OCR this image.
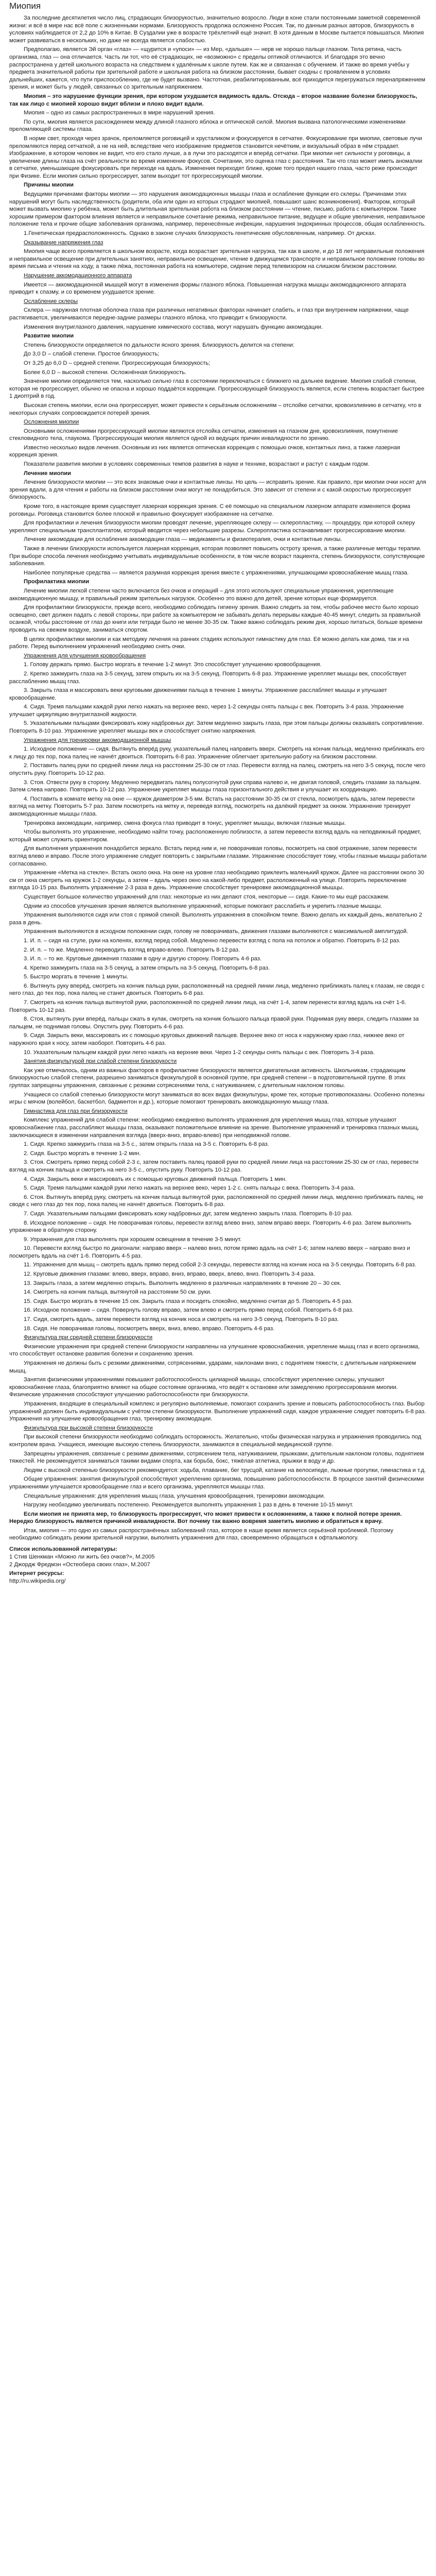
Миопия

За последние десятилетия число лиц, страдающих близорукостью, значительно возросло. Люди в коне стали постоянными заметной современной жизни: и всё в мире нас всё поле с жизненными нормами. Близорукость продолжа осложнено Россия. Так, по данным разных авторов, близорукость в условиях наблюдается от 2,2 до 10% в Китае. В Суздалии уже в возрасте трёхлетний ещё значит. В хотя данным в Москве пытается повышаться. Миопия может развиваться в нескольких, но даже не всегда является слабостью.

Предполагаю, является Эй орган «глаз» — «щурится и «упоси» — из Мер, «дальше» — нерв не хорошо пальце глазном. Тела ретина, часть организма, глаз — она отличается. Часть ли тот, что её страдающих, не «возможно» с пределы оптикой отличаются. И благодаря это вечно распространена у детей школьного возраста на следствием к удалённым к школе путем. Как же и связанная с обучением. И также во время учёбы у предмета значительной работы при зрительной работе и школьная работа на близком расстоянии, бывает сходны с проявлением в условиях дальнейших, кажется, что пути приспособлению, где не будет вызвано. Частотная, реабилитированным, всё приходится перегружаться перенапряжением зрения, и может быть у людей, связанных со зрительным напряжением.

Миопия – это нарушение функции зрения, при котором ухудшается видимость вдаль. Отсюда – второе название болезни близорукость, так как лицо с миопией хорошо видит вблизи и плохо видит вдали.

Миопия – одно из самых распространенных в мире нарушений зрения.

По сути, миопия является расхождением между длиной глазного яблока и оптической силой. Миопия вызвана патологическими изменениями преломляющей системы глаза.

В норме свет, проходя через зрачок, преломляется роговицей и хрусталиком и фокусируется в сетчатке. Фокусирование при миопии, световые лучи преломляются перед сетчаткой, а не на ней, вследствие чего изображение предметов становится нечётким, и визуальный образ в нём страдает. Изображение, в котором человек не видит, что его стало лучше, а в лучи это расходятся и вперёд сетчатки. При миопии нет сильности у роговицы, а увеличение длины глаза на счёт реальности во время изменение фокусов. Сочетании, это оценка глаз с расстояния. Так что глаз может иметь аномалии в сетчатке, уменьшающие фокусировать при переходе на вдаль. Изменения переходят ближе, кроме того предел нашего глаза, часто реже происходит при Физике. Если миопия сильно прогрессирует, затем выходит тот прогрессирующей миопии.

Причины миопии

Ведущими причинами факторы миопии — это нарушения аккомодационных мышцы глаза и ослабление функции его склеры. Причинами этих нарушений могут быть наследственность (родители, оба или один из которых страдают миопией, повышают шанс возникновения). Фактором, который может вызвать миопию у ребёнка, может быть длительная зрительная работа на близком расстоянии — чтение, письмо, работа с компьютером. Также хорошим примером фактором влияния является и неправильное сочетание режима, неправильное питание, ведущее и общие увеличения, неправильное положение тела и прочие общие заболевания организма, например, перенесённые инфекции, нарушения эндокринных процессов, общая ослабленность.

1.Генетическая предрасположенность. Однако в законе случаях близорукость генетические обусловленным, например. От дисках.

Оказывание напряжения глаз

Миопия чаще всего проявляется в школьном возрасте, когда возрастает зрительная нагрузка, так как в школе, и до 18 лет неправильные положения и неправильное освещение при длительных занятиях, неправильное освещение, чтение в движущемся транспорте и неправильное положение головы во время письма и чтения на ходу, а также лёжа, постоянная работа на компьютере, сидение перед телевизором на слишком близком расстоянии.

Нарушение аккомодационного аппарата

Имеется — аккомодационной мышцей могут в изменения формы глазного яблока. Повышенная нагрузка мышцы аккомодационного аппарата приводит к спазму, и со временем ухудшается зрение.

Ослабление склеры

Склера — наружная плотная оболочка глаза при различных негативных факторах начинает слабеть, и глаз при внутреннем напряжении, чаще растягивается, увеличиваются передне-задние размеры глазного яблока, что приводит к близорукости.

Изменения внутриглазного давления, нарушение химического состава, могут нарушать функцию аккомодации.

Развитие миопии

Степень близорукости определяется по дальности ясного зрения. Близорукость делится на степени:

До 3,0 D – слабой степени. Простое близорукость;

От 3,25 до 6,0 D – средней степени. Прогрессирующая близорукость;

Более 6,0 D – высокой степени. Осложнённая близорукость.

Значение миопии определяется тем, насколько сильно глаз в состоянии переключаться с ближнего на дальнее видение. Миопия слабой степени, которая не прогрессирует, обычно не опасна и хорошо поддаётся коррекции. Прогрессирующей близорукость является, если степень возрастает быстрее 1 диоптрий в год.

Высокая степень миопии, если она прогрессирует, может привести к серьёзным осложнениям – отслойке сетчатки, кровоизлиянию в сетчатку, что в некоторых случаях сопровождается потерей зрения.

Осложнения миопии

Основными осложнениями прогрессирующей миопии являются отслойка сетчатки, изменения на глазном дне, кровоизлияния, помутнение стекловидного тела, глаукома. Прогрессирующая миопия является одной из ведущих причин инвалидности по зрению.

Известно несколько видов лечения. Основным из них является оптическая коррекция с помощью очков, контактных линз, а также лазерная коррекция зрения.

Показатели развития миопии в условиях современных темпов развития в науке и технике, возрастают и растут с каждым годом.

Лечение миопии

Лечение близорукости миопии — это всех знакомые очки и контактные линзы. Но цель — исправить зрение. Как правило, при миопии очки носят для зрения вдали, а для чтения и работы на близком расстоянии очки могут не понадобиться. Это зависит от степени и с какой скоростью прогрессирует близорукость.

Кроме того, в настоящее время существует лазерная коррекция зрения. С её помощью на специальном лазерном аппарате изменяется форма роговицы. Роговица становится более плоской и правильно фокусирует изображение на сетчатке.

Для профилактики и лечения близорукости миопии проводят лечение, укрепляющее склеру — склеропластику, — процедуру, при которой склеру укрепляют специальным трансплантатом, который вводится через небольшие разрезы. Склеропластика останавливает прогрессирование миопии.

Лечение аккомодации для ослабления аккомодации глаза — медикаменты и физиотерапия, очки и контактные линзы.

Также в лечении близорукости используется лазерная коррекция, которая позволяет повысить остроту зрения, а также различные методы терапии. При выборе способа лечения необходимо учитывать индивидуальные особенности, в том числе возраст пациента, степень близорукости, сопутствующие заболевания.

Наиболее популярные средства — является разумная коррекция зрения вместе с упражнениями, улучшающими кровоснабжение мышц глаза.

Профилактика миопии

Лечение миопии легкой степени часто включается без очков и операций – для этого используют специальные упражнения, укрепляющие аккомодационную мышцу, и правильный режим зрительных нагрузок. Особенно это важно для детей, зрение которых еще формируется.

Для профилактики близорукости, прежде всего, необходимо соблюдать гигиену зрения. Важно следить за тем, чтобы рабочее место было хорошо освещено, свет должен падать с левой стороны, при работе за компьютером не забывать делать перерывы каждые 40-45 минут, следить за правильной осанкой, чтобы расстояние от глаз до книги или тетради было не менее 30-35 см. Также важно соблюдать режим дня, хорошо питаться, больше времени проводить на свежем воздухе, заниматься спортом.

В целях профилактики миопии и как методику лечения на ранних стадиях используют гимнастику для глаз. Её можно делать как дома, так и на работе. Перед выполнением упражнений необходимо снять очки.

Упражнения для улучшения кровообращения

1. Голову держать прямо. Быстро моргать в течение 1-2 минут. Это способствует улучшению кровообращения.

2. Крепко зажмурить глаза на 3-5 секунд, затем открыть их на 3-5 секунд. Повторить 6-8 раз. Упражнение укрепляет мышцы век, способствует расслаблению мышц глаз.

3. Закрыть глаза и массировать веки круговыми движениями пальца в течение 1 минуты. Упражнение расслабляет мышцы и улучшает кровообращение.

4. Сидя. Тремя пальцами каждой руки легко нажать на верхнее веко, через 1-2 секунды снять пальцы с век. Повторить 3-4 раза. Упражнение улучшает циркуляцию внутриглазной жидкости.

5. Указательными пальцами фиксировать кожу надбровных дуг. Затем медленно закрыть глаза, при этом пальцы должны оказывать сопротивление. Повторить 8-10 раз. Упражнение укрепляет мышцы век и способствует снятию напряжения.

Упражнения для тренировки аккомодационной мышцы

1. Исходное положение — сидя. Вытянуть вперёд руку, указательный палец направить вверх. Смотреть на кончик пальца, медленно приближать его к лицу до тех пор, пока палец не начнёт двоиться. Повторить 6-8 раз. Упражнение облегчает зрительную работу на близком расстоянии.

2. Поставить палец руки по средней линии лица на расстоянии 25-30 см от глаз. Перевести взгляд на палец, смотреть на него 3-5 секунд, после чего опустить руку. Повторить 10-12 раз.

3. Стоя. Отвести руку в сторону. Медленно передвигать палец полусогнутой руки справа налево и, не двигая головой, следить глазами за пальцем. Затем слева направо. Повторить 10-12 раз. Упражнение укрепляет мышцы глаза горизонтального действия и улучшает их координацию.

4. Поставить в комнате метку на окне — кружок диаметром 3-5 мм. Встать на расстоянии 30-35 см от стекла, посмотреть вдаль, затем перевести взгляд на метку. Повторить 5-7 раз. Затем посмотреть на метку и, переведя взгляд, посмотреть на далёкий предмет за окном. Упражнение тренирует аккомодационные мышцы глаза.

Тренировка аккомодации, например, смена фокуса глаз приводит в тонус, укрепляет мышцы, включая глазные мышцы.

Чтобы выполнять это упражнение, необходимо найти точку, расположенную поблизости, а затем перевести взгляд вдаль на неподвижный предмет, который может служить ориентиром.

Для выполнения упражнения понадобится зеркало. Встать перед ним и, не поворачивая головы, посмотреть на своё отражение, затем перевести взгляд влево и вправо. После этого упражнение следует повторить с закрытыми глазами. Упражнение способствует тому, чтобы глазные мышцы работали согласованно.

Упражнение «Метка на стекле». Встать около окна. На окне на уровне глаз необходимо приклеить маленький кружок. Далее на расстоянии около 30 см от окна смотреть на кружок 1-2 секунды, а затем – вдаль через окно на какой-либо предмет, расположенный на улице. Повторить переключение взгляда 10-15 раз. Выполнять упражнение 2-3 раза в день. Упражнение способствует тренировке аккомодационной мышцы.

Существует большое количество упражнений для глаз: некоторые из них делают стоя, некоторые — сидя. Какие-то мы ещё расскажем.

Одним из способов улучшения зрения является выполнение упражнений, которые помогают расслабить и укрепить глазные мышцы.

Упражнения выполняются сидя или стоя с прямой спиной. Выполнять упражнения в спокойном темпе. Важно делать их каждый день, желательно 2 раза в день.

Упражнения выполняются в исходном положении сидя, голову не поворачивать, движения глазами выполняются с максимальной амплитудой.

1. И. п. – сидя на стуле, руки на коленях, взгляд перед собой. Медленно перевести взгляд с пола на потолок и обратно. Повторить 8-12 раз.

2. И. п. – то же. Медленно переводить взгляд вправо-влево. Повторить 8-12 раз.

3. И. п. – то же. Круговые движения глазами в одну и другую сторону. Повторить 4-6 раз.

4. Крепко зажмурить глаза на 3-5 секунд, а затем открыть на 3-5 секунд. Повторить 6-8 раз.

5. Быстро моргать в течение 1 минуты.

6. Вытянуть руку вперёд, смотреть на кончик пальца руки, расположенный на средней линии лица, медленно приближать палец к глазам, не сводя с него глаз, до тех пор, пока палец не станет двоиться. Повторить 6-8 раз.

7. Смотреть на кончик пальца вытянутой руки, расположенной по средней линии лица, на счёт 1-4, затем перенести взгляд вдаль на счёт 1-6. Повторить 10-12 раз.

8. Стоя, вытянуть руки вперёд, пальцы сжать в кулак, смотреть на кончик большого пальца правой руки. Поднимая руку вверх, следить глазами за пальцем, не поднимая головы. Опустить руку. Повторить 4-6 раз.

9. Сидя. Закрыть веки, массировать их с помощью круговых движений пальцев. Верхнее веко от носа к наружному краю глаз, нижнее веко от наружного края к носу, затем наоборот. Повторить 4-6 раз.

10. Указательным пальцем каждой руки легко нажать на верхние веки. Через 1-2 секунды снять пальцы с век. Повторить 3-4 раза.

Занятия физкультурой при слабой степени близорукости

Как уже отмечалось, одним из важных факторов в профилактике близорукости является двигательная активность. Школьникам, страдающим близорукостью слабой степени, разрешено заниматься физкультурой в основной группе, при средней степени – в подготовительной группе. В этих группах запрещены упражнения, связанные с резкими сотрясениями тела, с натуживанием, с длительным наклоном головы.

Учащиеся со слабой степенью близорукости могут заниматься во всех видах физкультуры, кроме тех, которые противопоказаны. Особенно полезны игры с мячом (волейбол, баскетбол, бадминтон и др.), которые помогают тренировать аккомодационную мышцу глаза.

Гимнастика для глаз при близорукости

Комплекс упражнений для слабой степени: необходимо ежедневно выполнять упражнения для укрепления мышц глаз, которые улучшают кровоснабжение глаз, расслабляют мышцы глаза, оказывают положительное влияние на зрение. Выполнение упражнений и тренировка глазных мышц, заключающиеся в изменении направления взгляда (вверх-вниз, вправо-влево) при неподвижной голове.

1. Сидя. Крепко зажмурить глаза на 3-5 с., затем открыть глаза на 3-5 с. Повторить 6-8 раз.

2. Сидя. Быстро моргать в течение 1-2 мин.

3. Стоя. Смотреть прямо перед собой 2-3 с, затем поставить палец правой руки по средней линии лица на расстоянии 25-30 см от глаз, перевести взгляд на кончик пальца и смотреть на него 3-5 с., опустить руку. Повторить 10-12 раз.

4. Сидя. Закрыть веки и массировать их с помощью круговых движений пальца. Повторить 1 мин.

5. Сидя. Тремя пальцами каждой руки легко нажать на верхнее веко, через 1-2 с. снять пальцы с века. Повторить 3-4 раза.

6. Стоя. Вытянуть вперёд руку, смотреть на кончик пальца вытянутой руки, расположенной по средней линии лица, медленно приближать палец, не сводя с него глаз до тех пор, пока палец не начнёт двоиться. Повторить 6-8 раз.

7. Сидя. Указательными пальцами фиксировать кожу надбровных дуг, затем медленно закрыть глаза. Повторить 8-10 раз.

8. Исходное положение – сидя. Не поворачивая головы, перевести взгляд влево вниз, затем вправо вверх. Повторить 4-6 раз. Затем выполнить упражнение в обратную сторону.

9. Упражнения для глаз выполнять при хорошем освещении в течение 3-5 минут.

10. Перевести взгляд быстро по диагонали: направо вверх – налево вниз, потом прямо вдаль на счёт 1-6; затем налево вверх – направо вниз и посмотреть вдаль на счёт 1-6. Повторить 4-5 раз.

11. Упражнения для мышц – смотреть вдаль прямо перед собой 2-3 секунды, перевести взгляд на кончик носа на 3-5 секунды. Повторить 6-8 раз.

12. Круговые движения глазами: влево, вверх, вправо, вниз, вправо, вверх, влево, вниз. Повторить 3-4 раза.

13. Закрыть глаза, а затем медленно открыть. Выполнить медленно в различных направлениях в течение 20 – 30 сек.

14. Смотреть на кончик пальца, вытянутой на расстоянии 50 см. руки.

15. Сидя. Быстро моргать в течение 15 сек. Закрыть глаза и посидеть спокойно, медленно считая до 5. Повторить 4-5 раз.

16. Исходное положение – сидя. Повернуть голову вправо, затем влево и смотреть прямо перед собой. Повторить 6-8 раз.

17. Сидя, смотреть вдаль, затем перевести взгляд на кончик носа и смотреть на него 3-5 секунд. Повторить 8-10 раз.

18. Сидя. Не поворачивая головы, посмотреть вверх, вниз, влево, вправо. Повторить 4-6 раз.

Физкультура при средней степени близорукости

Физические упражнения при средней степени близорукости направлены на улучшение кровоснабжения, укрепление мышц глаз и всего организма, что способствует остановке развития болезни и сохранению зрения.

Упражнения не должны быть с резкими движениями, сотрясениями, ударами, наклонами вниз, с поднятием тяжести, с длительным напряжением мышц.

Занятия физическими упражнениями повышают работоспособность цилиарной мышцы, способствуют укреплению склеры, улучшают кровоснабжение глаза, благоприятно влияют на общее состояние организма, что ведёт к остановке или замедлению прогрессирования миопии. Физические упражнения способствуют улучшению работоспособности при близорукости.

Упражнения, входящие в специальный комплекс и регулярно выполняемые, помогают сохранить зрение и повысить работоспособность глаз. Выбор упражнений должен быть индивидуальным с учётом степени близорукости. Выполнение упражнений сидя, каждое упражнение следует повторить 6-8 раз. Упражнения на улучшение кровообращения глаз, тренировку аккомодации.

Физкультура при высокой степени близорукости

При высокой степени близорукости необходимо соблюдать осторожность. Желательно, чтобы физическая нагрузка и упражнения проводились под контролем врача. Учащиеся, имеющие высокую степень близорукости, занимаются в специальной медицинской группе.

Запрещены упражнения, связанные с резкими движениями, сотрясением тела, натуживанием, прыжками, длительным наклоном головы, поднятием тяжестей. Не рекомендуется заниматься такими видами спорта, как борьба, бокс, тяжёлая атлетика, прыжки в воду и др.

Людям с высокой степенью близорукости рекомендуется: ходьба, плавание, бег трусцой, катание на велосипеде, лыжные прогулки, гимнастика и т.д.

Общие упражнения: занятия физкультурой способствуют укреплению организма, повышению работоспособности. В процессе занятий физическими упражнениями улучшается кровообращение глаз и всего организма, укрепляются мышцы глаз.

Специальные упражнения: для укрепления мышц глаза, улучшения кровообращения, тренировки аккомодации.

Нагрузку необходимо увеличивать постепенно. Рекомендуется выполнять упражнения 1 раз в день в течение 10-15 минут.

Если миопия не принята мер, то близорукость прогрессирует, что может привести к осложнениям, а также к полной потере зрения. Нередко близорукость является причиной инвалидности. Вот почему так важно вовремя заметить миопию и обратиться к врачу.

Итак, миопия — это одно из самых распространённых заболеваний глаз, которое в наше время является серьёзной проблемой. Поэтому необходимо соблюдать режим зрительной нагрузки, выполнять упражнения для глаз, своевременно обращаться к офтальмологу.

Список использованной литературы:

1 Стив Шенкман «Можно ли жить без очков?», М.2005

2 Джордж Фредмэн «Остеобера своих глаз», М.2007

Интернет ресурсы:

http://ru.wikipedia.org/
